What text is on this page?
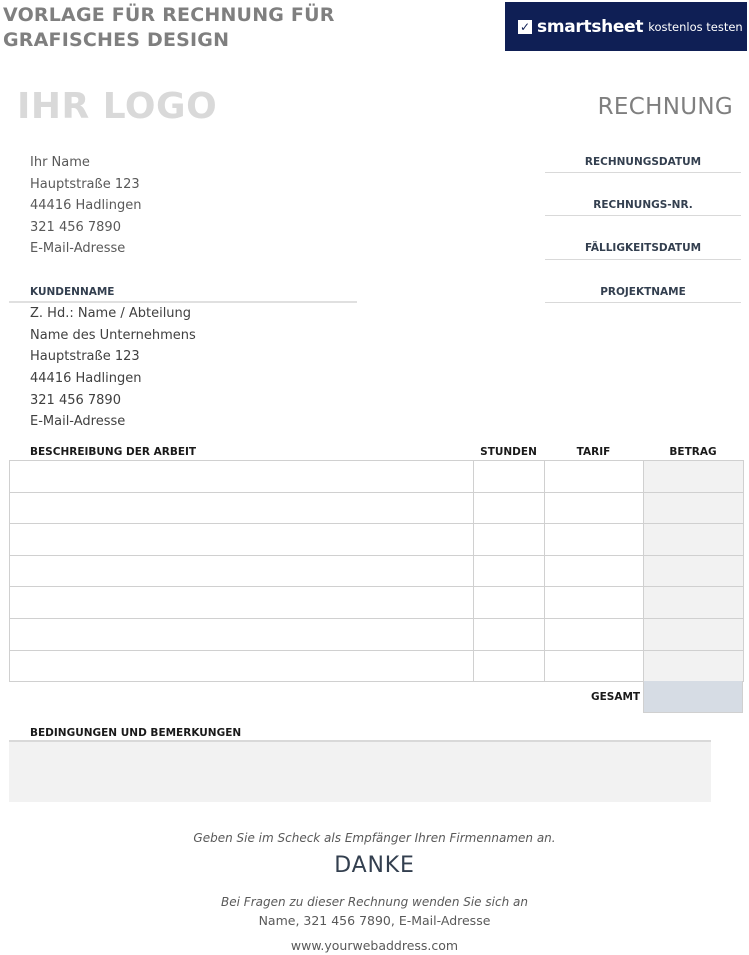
VORLAGE FÜR RECHNUNG FÜR
GRAFISCHES DESIGN
✓ smartsheet kostenlos testen
IHR LOGO	RECHNUNG
Ihr Name
Hauptstraße 123
44416 Hadlingen
321 456 7890
E-Mail-Adresse
RECHNUNGSDATUM
RECHNUNGS-NR.
FÄLLIGKEITSDATUM
PROJEKTNAME
KUNDENNAME
Z. Hd.: Name / Abteilung
Name des Unternehmens
Hauptstraße 123
44416 Hadlingen
321 456 7890
E-Mail-Adresse
BESCHREIBUNG DER ARBEIT	STUNDEN	TARIF	BETRAG

GESAMT
BEDINGUNGEN UND BEMERKUNGEN
Geben Sie im Scheck als Empfänger Ihren Firmennamen an.
DANKE
Bei Fragen zu dieser Rechnung wenden Sie sich an
Name, 321 456 7890, E-Mail-Adresse
www.yourwebaddress.com
